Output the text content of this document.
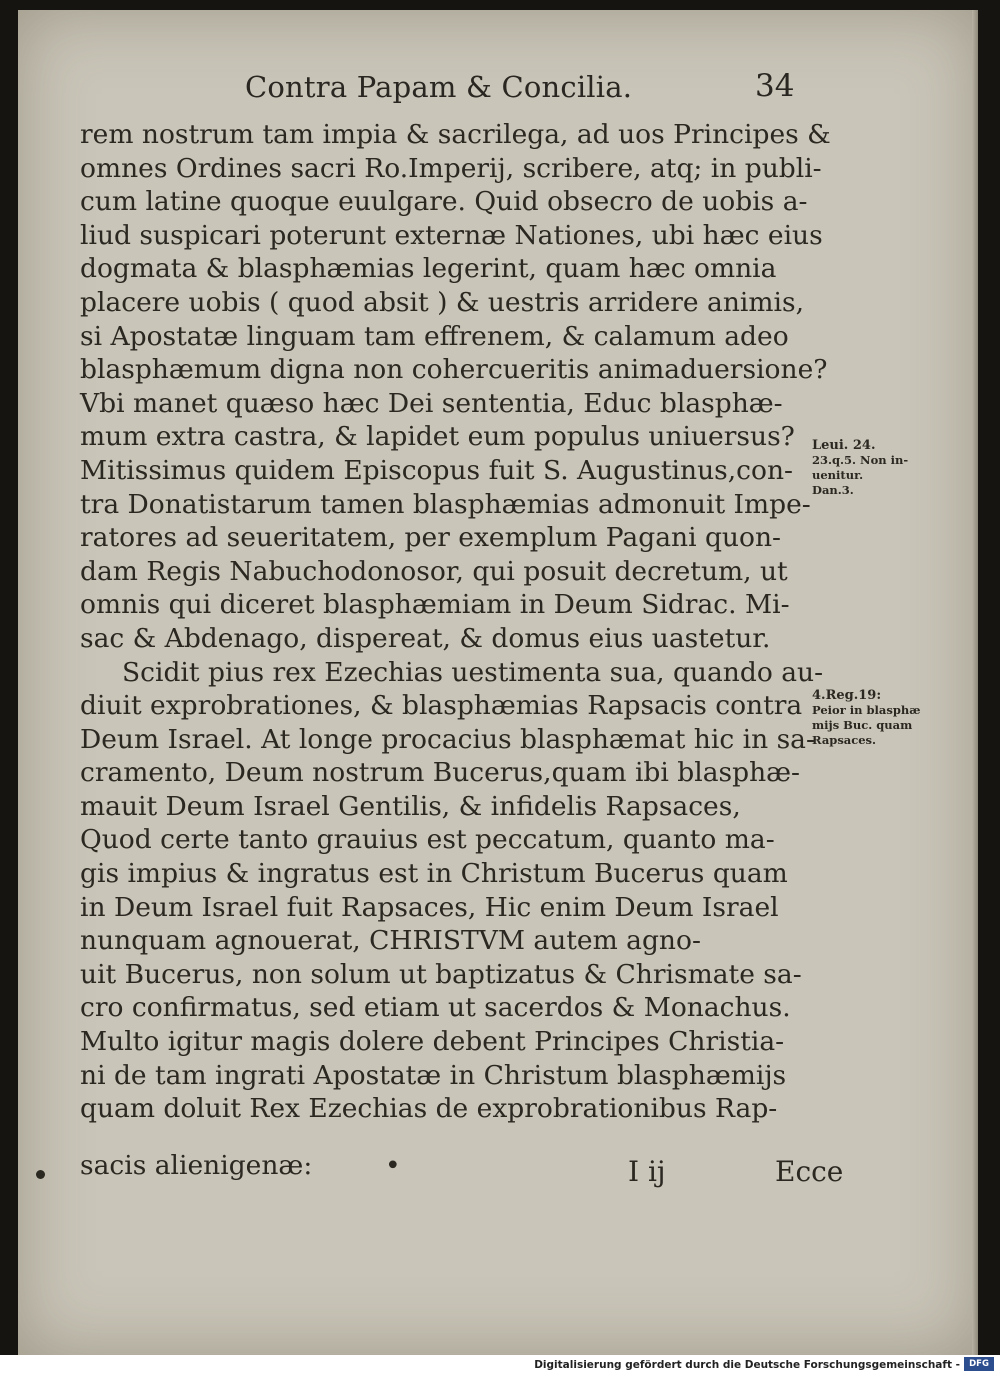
Contra Papam & Concilia.	34
rem nostrum tam impia & sacrilega, ad uos Principes &
omnes Ordines sacri Ro.Imperij, scribere, atq; in publi-
cum latine quoque euulgare. Quid obsecro de uobis a-
liud suspicari poterunt externæ Nationes, ubi hæc eius
dogmata & blasphæmias legerint, quam hæc omnia
placere uobis ( quod absit ) & uestris arridere animis,
si Apostatæ linguam tam effrenem, & calamum adeo
blasphæmum digna non cohercueritis animaduersione?
Vbi manet quæso hæc Dei sententia, Educ blasphæ-
mum extra castra, & lapidet eum populus uniuersus?
Mitissimus quidem Episcopus fuit S. Augustinus,con-
tra Donatistarum tamen blasphæmias admonuit Impe-
ratores ad seueritatem, per exemplum Pagani quon-
dam Regis Nabuchodonosor, qui posuit decretum, ut
omnis qui diceret blasphæmiam in Deum Sidrac. Mi-
sac & Abdenago, dispereat, & domus eius uastetur.
Scidit pius rex Ezechias uestimenta sua, quando au-
diuit exprobrationes, & blasphæmias Rapsacis contra
Deum Israel. At longe procacius blasphæmat hic in sa-
cramento, Deum nostrum Bucerus,quam ibi blasphæ-
mauit Deum Israel Gentilis, & infidelis Rapsaces,
Quod certe tanto grauius est peccatum, quanto ma-
gis impius & ingratus est in Christum Bucerus quam
in Deum Israel fuit Rapsaces, Hic enim Deum Israel
nunquam agnouerat, CHRISTVM autem agno-
uit Bucerus, non solum ut baptizatus & Chrismate sa-
cro confirmatus, sed etiam ut sacerdos & Monachus.
Multo igitur magis dolere debent Principes Christia-
ni de tam ingrati Apostatæ in Christum blasphæmijs
quam doluit Rex Ezechias de exprobrationibus Rap-
sacis alienigenæ:	•	I ij	Ecce
Leui. 24.
23.q.5. Non in-
uenitur.
Dan.3.
4.Reg.19:
Peior in blasphæ
mijs Buc. quam
Rapsaces.
Digitalisierung gefördert durch die Deutsche Forschungsgemeinschaft -	DFG
